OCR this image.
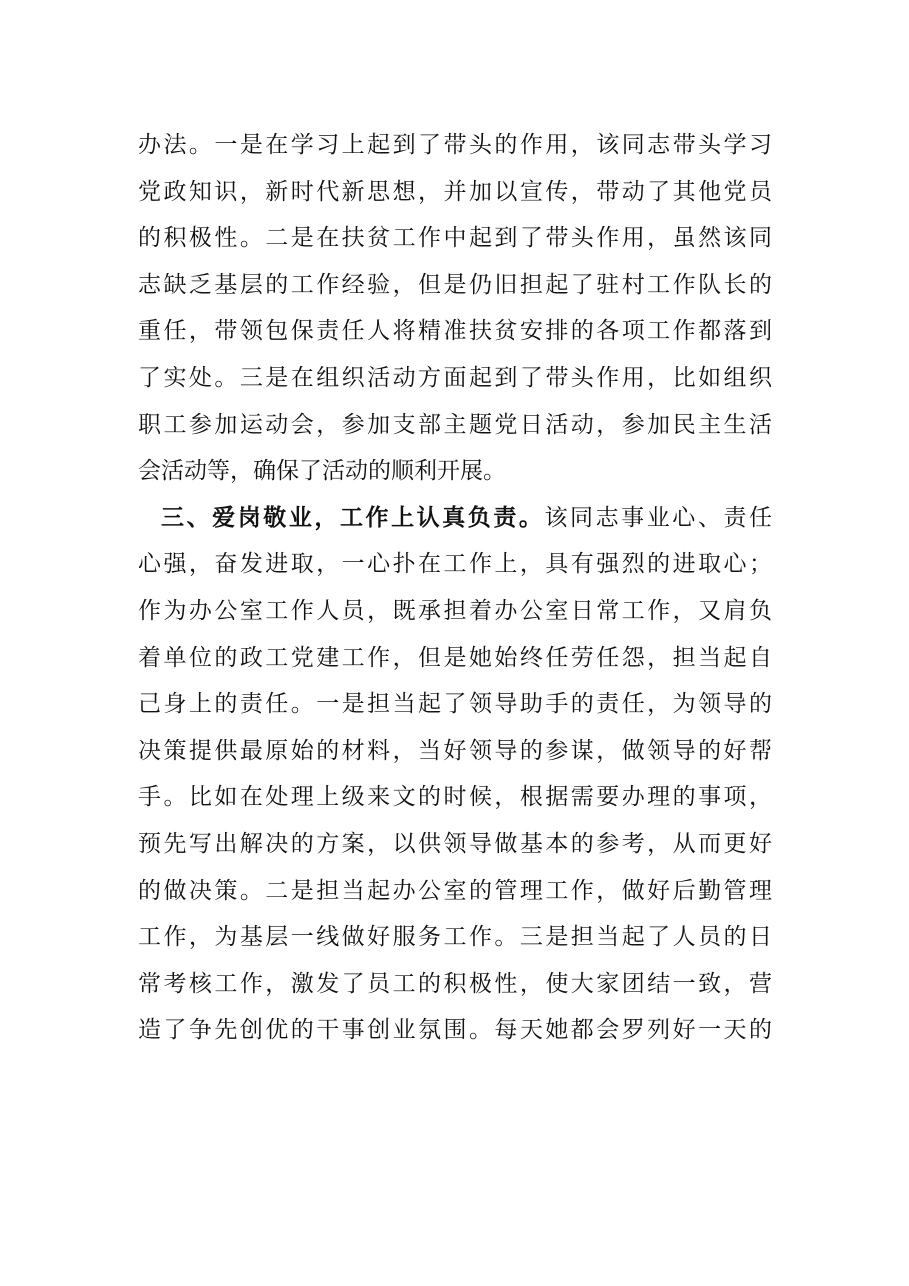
办法。一是在学习上起到了带头的作用，该同志带头学习
党政知识，新时代新思想，并加以宣传，带动了其他党员
的积极性。二是在扶贫工作中起到了带头作用，虽然该同
志缺乏基层的工作经验，但是仍旧担起了驻村工作队长的
重任，带领包保责任人将精准扶贫安排的各项工作都落到
了实处。三是在组织活动方面起到了带头作用，比如组织
职工参加运动会，参加支部主题党日活动，参加民主生活
会活动等，确保了活动的顺利开展。
三、爱岗敬业，工作上认真负责。该同志事业心、责任
心强，奋发进取，一心扑在工作上，具有强烈的进取心；
作为办公室工作人员，既承担着办公室日常工作，又肩负
着单位的政工党建工作，但是她始终任劳任怨，担当起自
己身上的责任。一是担当起了领导助手的责任，为领导的
决策提供最原始的材料，当好领导的参谋，做领导的好帮
手。比如在处理上级来文的时候，根据需要办理的事项，
预先写出解决的方案，以供领导做基本的参考，从而更好
的做决策。二是担当起办公室的管理工作，做好后勤管理
工作，为基层一线做好服务工作。三是担当起了人员的日
常考核工作，激发了员工的积极性，使大家团结一致，营
造了争先创优的干事创业氛围。每天她都会罗列好一天的
